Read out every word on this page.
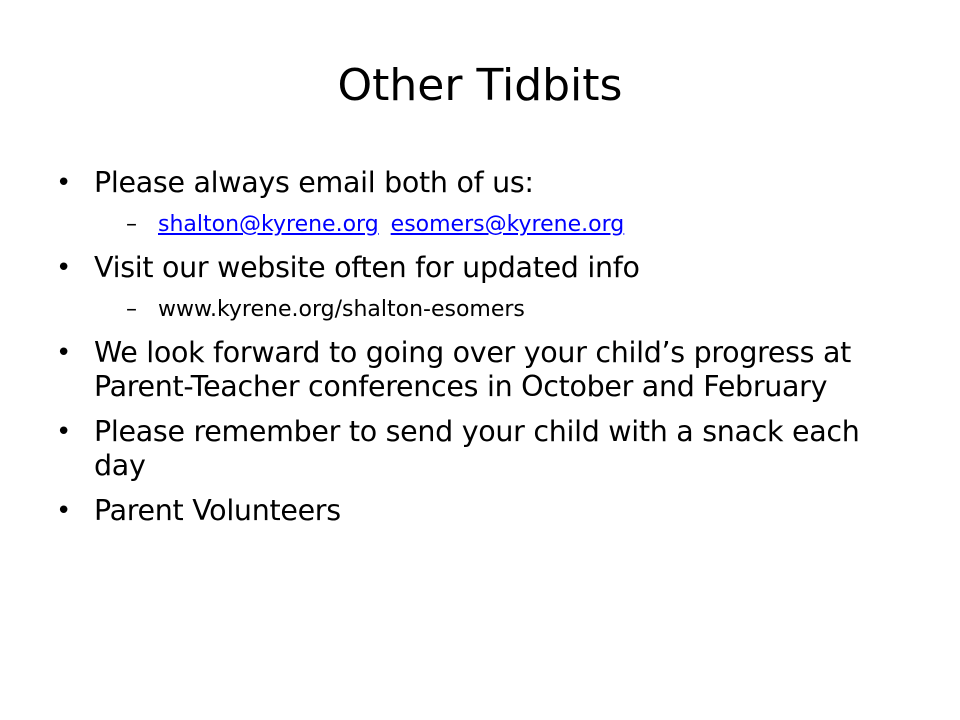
Other Tidbits
• Please always email both of us:
– shalton@kyrene.org esomers@kyrene.org
• Visit our website often for updated info
– www.kyrene.org/shalton-esomers
• We look forward to going over your child’s progress at Parent-Teacher conferences in October and February
• Please remember to send your child with a snack each day
• Parent Volunteers
